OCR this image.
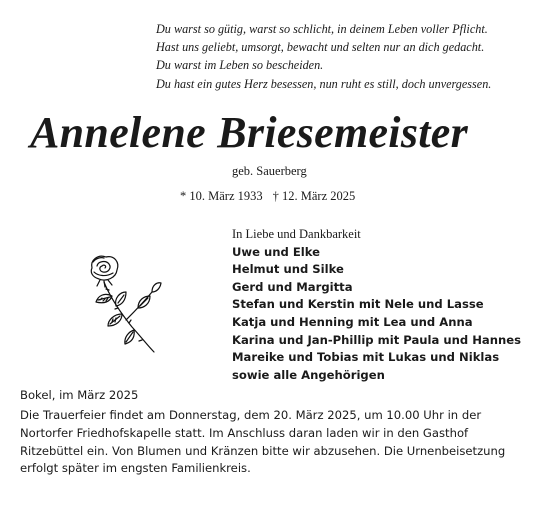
Du warst so gütig, warst so schlicht, in deinem Leben voller Pflicht.
Hast uns geliebt, umsorgt, bewacht und selten nur an dich gedacht.
Du warst im Leben so bescheiden.
Du hast ein gutes Herz besessen, nun ruht es still, doch unvergessen.
Annelene Briesemeister
geb. Sauerberg
* 10. März 1933 † 12. März 2025
In Liebe und Dankbarkeit
Uwe und Elke
Helmut und Silke
Gerd und Margitta
Stefan und Kerstin mit Nele und Lasse
Katja und Henning mit Lea und Anna
Karina und Jan-Phillip mit Paula und Hannes
Mareike und Tobias mit Lukas und Niklas
sowie alle Angehörigen
Bokel, im März 2025
Die Trauerfeier findet am Donnerstag, dem 20. März 2025, um 10.00 Uhr in der
Nortorfer Friedhofskapelle statt. Im Anschluss daran laden wir in den Gasthof
Ritzebüttel ein. Von Blumen und Kränzen bitte wir abzusehen. Die Urnenbeisetzung
erfolgt später im engsten Familienkreis.
